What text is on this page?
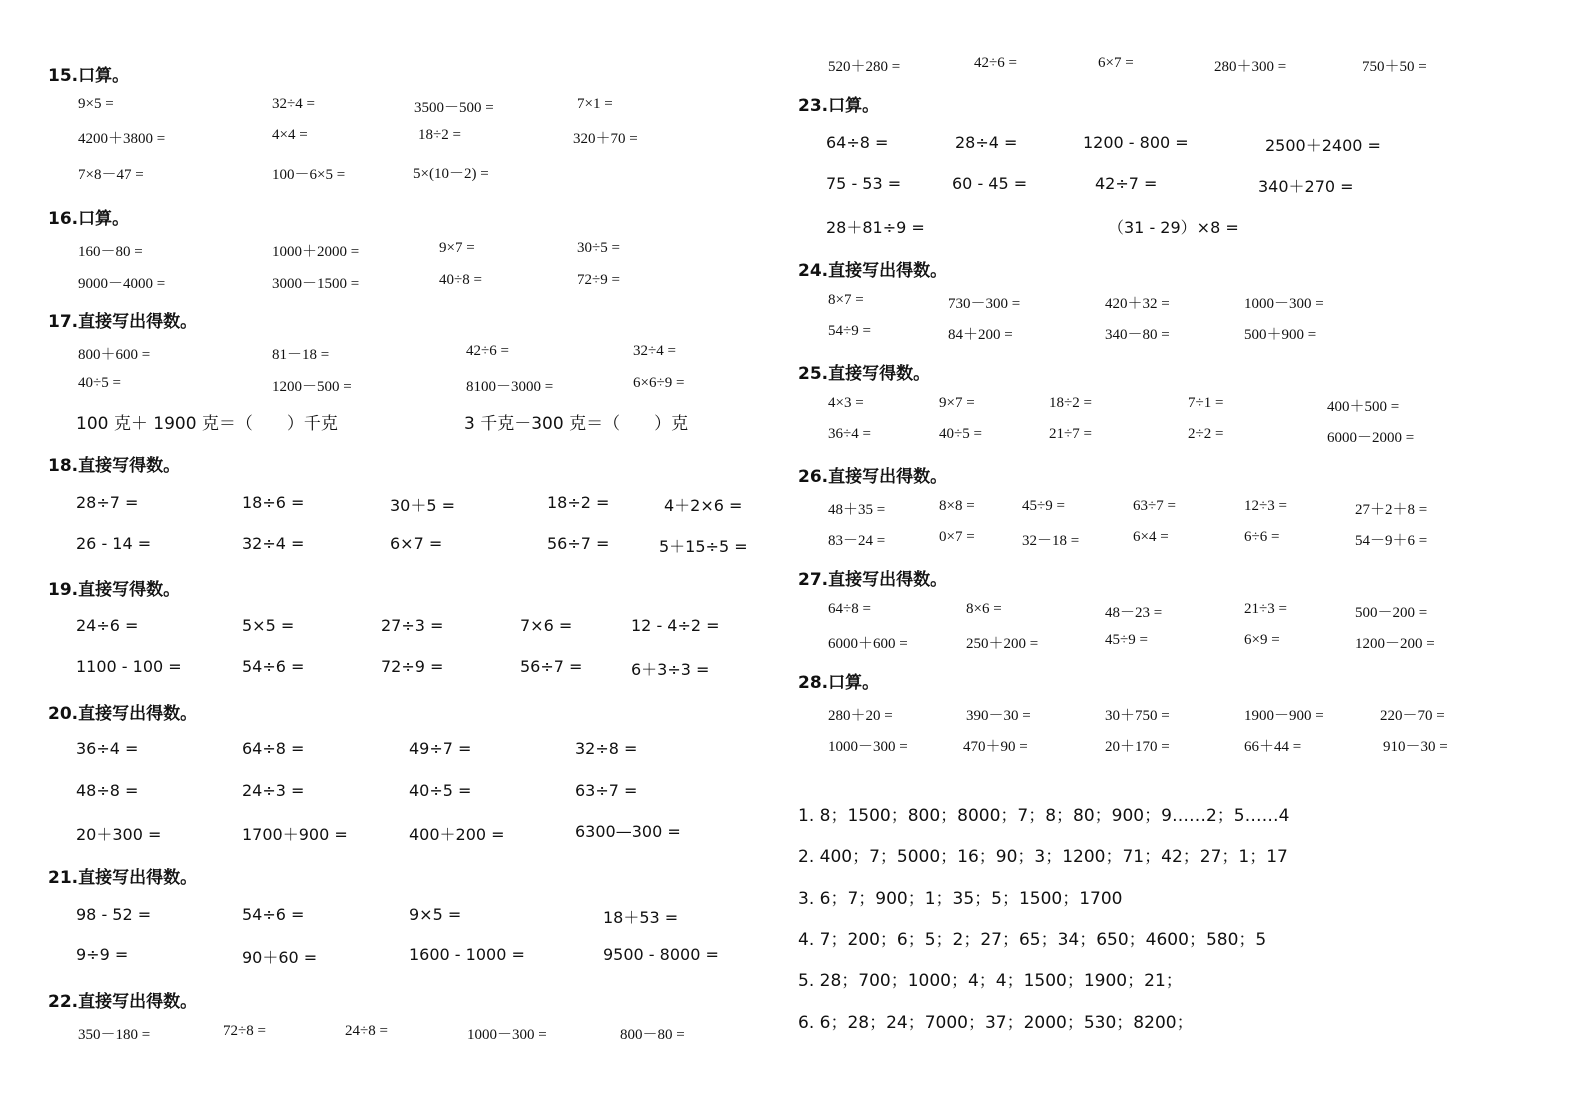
15.口算。
9×5 =	32÷4 =	3500－500 =	7×1 =
4200＋3800 =	4×4 =	18÷2 =	320＋70 =
7×8－47 =	100－6×5 =	5×(10－2) =
16.口算。
160－80 =	1000＋2000 =	9×7 =	30÷5 =
9000－4000 =	3000－1500 =	40÷8 =	72÷9 =
17.直接写出得数。
800＋600 =	81－18 =	42÷6 =	32÷4 =
40÷5 =	1200－500 =	8100－3000 =	6×6÷9 =
100 克＋ 1900 克＝（　　）千克	3 千克－300 克＝（　　）克
18.直接写得数。
28÷7 =	18÷6 =	30＋5 =	18÷2 =	4＋2×6 =
26 - 14 =	32÷4 =	6×7 =	56÷7 =	5＋15÷5 =
19.直接写得数。
24÷6 =	5×5 =	27÷3 =	7×6 =	12 - 4÷2 =
1100 - 100 =	54÷6 =	72÷9 =	56÷7 =	6＋3÷3 =
20.直接写出得数。
36÷4 =	64÷8 =	49÷7 =	32÷8 =
48÷8 =	24÷3 =	40÷5 =	63÷7 =
20＋300 =	1700＋900 =	400＋200 =	6300—300 =
21.直接写出得数。
98 - 52 =	54÷6 =	9×5 =	18＋53 =
9÷9 =	90＋60 =	1600 - 1000 =	9500 - 8000 =
22.直接写出得数。
350－180 =	72÷8 =	24÷8 =	1000－300 =	800－80 =
520＋280 =	42÷6 =	6×7 =	280＋300 =	750＋50 =
23.口算。
64÷8 =	28÷4 =	1200 - 800 =	2500＋2400 =
75 - 53 =	60 - 45 =	42÷7 =	340＋270 =
28＋81÷9 =	（31 - 29）×8 =
24.直接写出得数。
8×7 =	730－300 =	420＋32 =	1000－300 =
54÷9 =	84＋200 =	340－80 =	500＋900 =
25.直接写得数。
4×3 =	9×7 =	18÷2 =	7÷1 =	400＋500 =
36÷4 =	40÷5 =	21÷7 =	2÷2 =	6000－2000 =
26.直接写出得数。
48＋35 =	8×8 =	45÷9 =	63÷7 =	12÷3 =	27＋2＋8 =
83－24 =	0×7 =	32－18 =	6×4 =	6÷6 =	54－9＋6 =
27.直接写出得数。
64÷8 =	8×6 =	48－23 =	21÷3 =	500－200 =
6000＋600 =	250＋200 =	45÷9 =	6×9 =	1200－200 =
28.口算。
280＋20 =	390－30 =	30＋750 =	1900－900 =	220－70 =
1000－300 =	470＋90 =	20＋170 =	66＋44 =	910－30 =
1. 8；1500；800；8000；7；8；80；900；9……2；5……4
2. 400；7；5000；16；90；3；1200；71；42；27；1；17
3. 6；7；900；1；35；5；1500；1700
4. 7；200；6；5；2；27；65；34；650；4600；580；5
5. 28；700；1000；4；4；1500；1900；21；
6. 6；28；24；7000；37；2000；530；8200；
